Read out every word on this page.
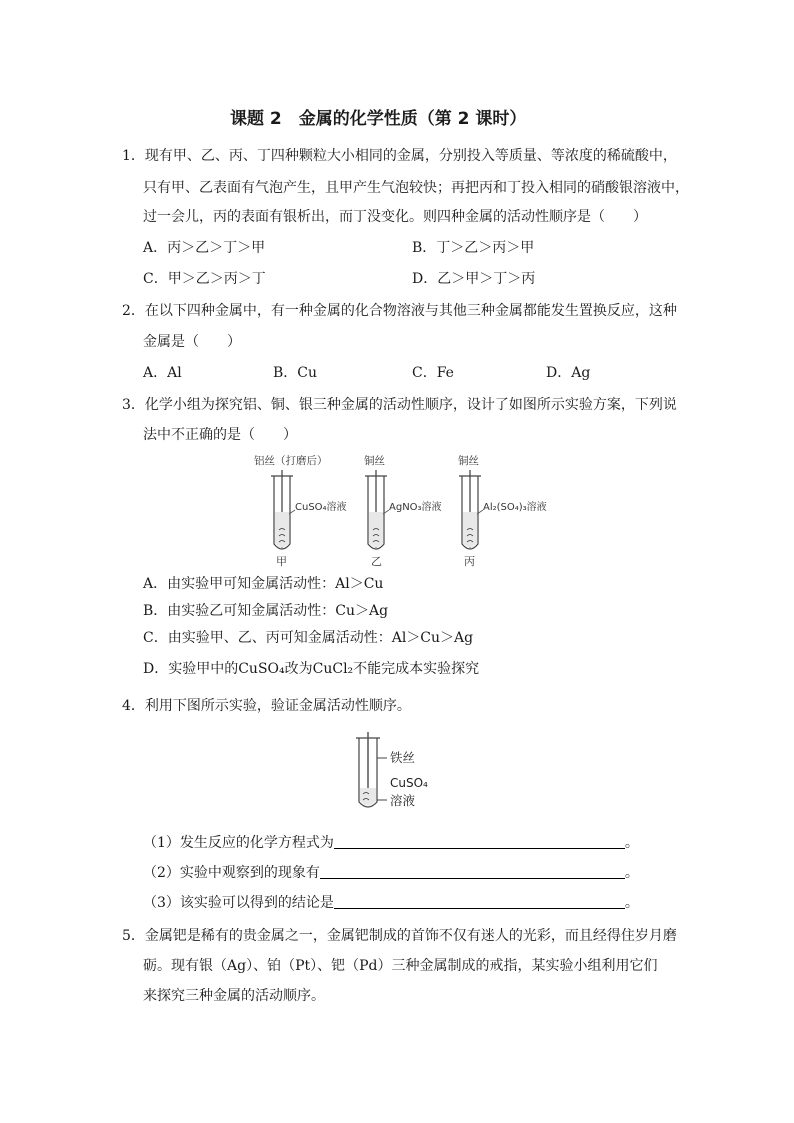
课题 2　金属的化学性质（第 2 课时）
1．现有甲、乙、丙、丁四种颗粒大小相同的金属，分别投入等质量、等浓度的稀硫酸中，
只有甲、乙表面有气泡产生，且甲产生气泡较快；再把丙和丁投入相同的硝酸银溶液中，
过一会儿，丙的表面有银析出，而丁没变化。则四种金属的活动性顺序是（　　）
A．丙＞乙＞丁＞甲	B．丁＞乙＞丙＞甲
C．甲＞乙＞丙＞丁	D．乙＞甲＞丁＞丙
2．在以下四种金属中，有一种金属的化合物溶液与其他三种金属都能发生置换反应，这种
金属是（　　）
A．Al	B．Cu	C．Fe	D．Ag
3．化学小组为探究铝、铜、银三种金属的活动性顺序，设计了如图所示实验方案，下列说
法中不正确的是（　　）
铝丝（打磨后）
CuSO₄溶液
甲
铜丝
AgNO₃溶液
乙
铜丝
Al₂(SO₄)₃溶液
丙
A．由实验甲可知金属活动性：Al＞Cu
B．由实验乙可知金属活动性：Cu＞Ag
C．由实验甲、乙、丙可知金属活动性：Al＞Cu＞Ag
D．实验甲中的CuSO₄改为CuCl₂不能完成本实验探究
4．利用下图所示实验，验证金属活动性顺序。
铁丝
CuSO₄
溶液
（1）发生反应的化学方程式为	。
（2）实验中观察到的现象有	。
（3）该实验可以得到的结论是	。
5．金属钯是稀有的贵金属之一，金属钯制成的首饰不仅有迷人的光彩，而且经得住岁月磨
砺。现有银（Ag）、铂（Pt）、钯（Pd）三种金属制成的戒指，某实验小组利用它们
来探究三种金属的活动顺序。
